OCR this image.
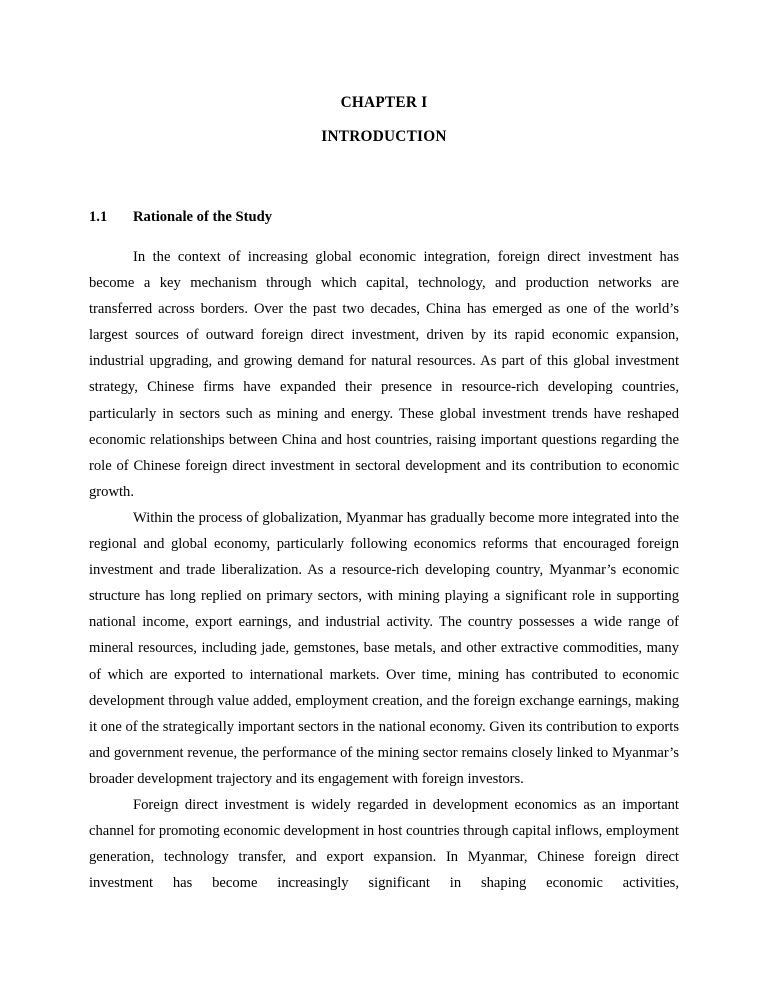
CHAPTER I
INTRODUCTION
1.1	Rationale of the Study

In the context of increasing global economic integration, foreign direct investment has become a key mechanism through which capital, technology, and production networks are transferred across borders. Over the past two decades, China has emerged as one of the world’s largest sources of outward foreign direct investment, driven by its rapid economic expansion, industrial upgrading, and growing demand for natural resources. As part of this global investment strategy, Chinese firms have expanded their presence in resource-rich developing countries, particularly in sectors such as mining and energy. These global investment trends have reshaped economic relationships between China and host countries, raising important questions regarding the role of Chinese foreign direct investment in sectoral development and its contribution to economic growth.

Within the process of globalization, Myanmar has gradually become more integrated into the regional and global economy, particularly following economics reforms that encouraged foreign investment and trade liberalization. As a resource-rich developing country, Myanmar’s economic structure has long replied on primary sectors, with mining playing a significant role in supporting national income, export earnings, and industrial activity. The country possesses a wide range of mineral resources, including jade, gemstones, base metals, and other extractive commodities, many of which are exported to international markets. Over time, mining has contributed to economic development through value added, employment creation, and the foreign exchange earnings, making it one of the strategically important sectors in the national economy. Given its contribution to exports and government revenue, the performance of the mining sector remains closely linked to Myanmar’s broader development trajectory and its engagement with foreign investors.

Foreign direct investment is widely regarded in development economics as an important channel for promoting economic development in host countries through capital inflows, employment generation, technology transfer, and export expansion. In Myanmar, Chinese foreign direct investment has become increasingly significant in shaping economic activities,
